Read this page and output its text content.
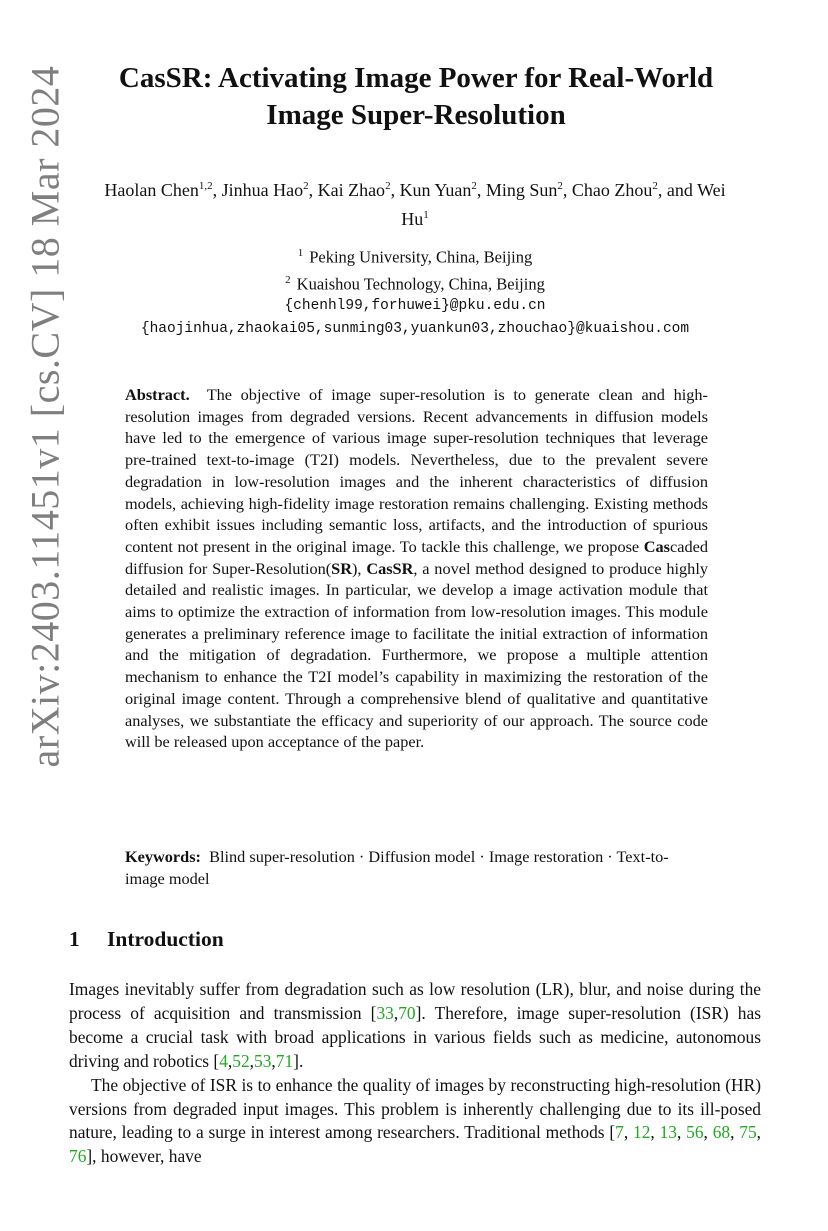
arXiv:2403.11451v1 [cs.CV] 18 Mar 2024	CasSR: Activating Image Power for Real-World Image Super-Resolution

Haolan Chen$^{1,2}$, Jinhua Hao$^2$, Kai Zhao$^2$, Kun Yuan$^2$, Ming Sun$^2$, Chao Zhou$^2$, and Wei Hu$^1$

$^1$ Peking University, China, Beijing
$^2$ Kuaishou Technology, China, Beijing
{chenhl99,forhuwei}@pku.edu.cn
{haojinhua,zhaokai05,sunming03,yuankun03,zhouchao}@kuaishou.com

Abstract. The objective of image super-resolution is to generate clean and high-resolution images from degraded versions. Recent advancements in diffusion models have led to the emergence of various image super-resolution techniques that leverage pre-trained text-to-image (T2I) models. Nevertheless, due to the prevalent severe degradation in low-resolution images and the inherent characteristics of diffusion models, achieving high-fidelity image restoration remains challenging. Existing methods often exhibit issues including semantic loss, artifacts, and the introduction of spurious content not present in the original image. To tackle this challenge, we propose Cascaded diffusion for Super-Resolution(SR), CasSR, a novel method designed to produce highly detailed and realistic images. In particular, we develop a image activation module that aims to optimize the extraction of information from low-resolution images. This module generates a preliminary reference image to facilitate the initial extraction of information and the mitigation of degradation. Furthermore, we propose a multiple attention mechanism to enhance the T2I model’s capability in maximizing the restoration of the original image content. Through a comprehensive blend of qualitative and quantitative analyses, we substantiate the efficacy and superiority of our approach. The source code will be released upon acceptance of the paper.

Keywords: Blind super-resolution · Diffusion model · Image restoration · Text-to-image model

1 Introduction

Images inevitably suffer from degradation such as low resolution (LR), blur, and noise during the process of acquisition and transmission [33,70]. Therefore, image super-resolution (ISR) has become a crucial task with broad applications in various fields such as medicine, autonomous driving and robotics [4,52,53,71].
The objective of ISR is to enhance the quality of images by reconstructing high-resolution (HR) versions from degraded input images. This problem is inherently challenging due to its ill-posed nature, leading to a surge in interest among researchers. Traditional methods [7, 12, 13, 56, 68, 75, 76], however, have
